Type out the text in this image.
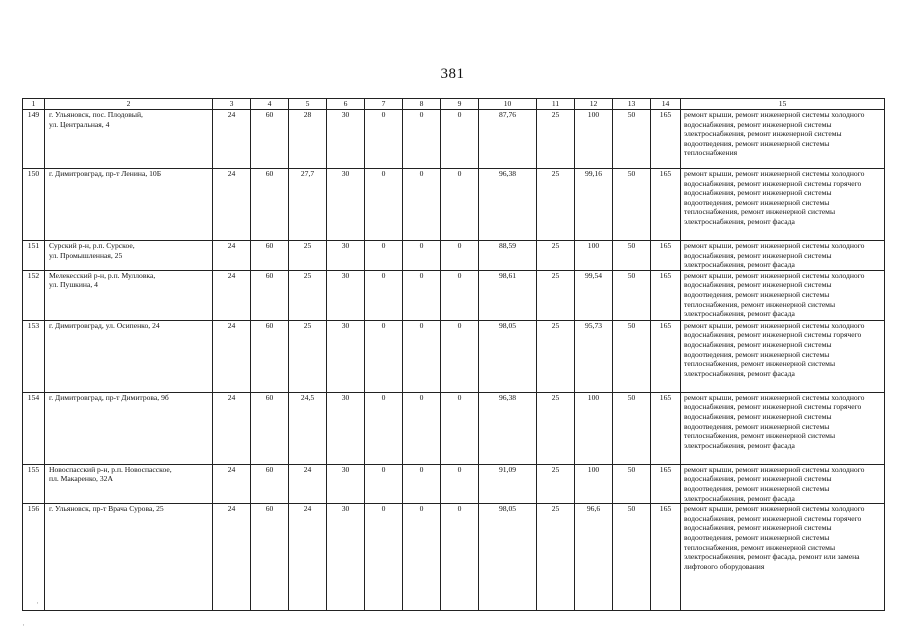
381
1	2	3	4	5	6	7	8	9	10	11	12	13	14	15
149	г. Ульяновск, пос. Плодовый,
ул. Центральная, 4	24	60	28	30	0	0	0	87,76	25	100	50	165	ремонт крыши, ремонт инженерной системы холодного водоснабжения, ремонт инженерной системы электроснабжения, ремонт инженерной системы водоотведения, ремонт инженерной системы теплоснабжения
150	г. Димитровград, пр-т Ленина, 10Б	24	60	27,7	30	0	0	0	96,38	25	99,16	50	165	ремонт крыши, ремонт инженерной системы холодного водоснабжения, ремонт инженерной системы горячего водоснабжения, ремонт инженерной системы водоотведения, ремонт инженерной системы теплоснабжения, ремонт инженерной системы электроснабжения, ремонт фасада
151	Сурский р-н, р.п. Сурское,
ул. Промышленная, 25	24	60	25	30	0	0	0	88,59	25	100	50	165	ремонт крыши, ремонт инженерной системы холодного водоснабжения, ремонт инженерной системы электроснабжения, ремонт фасада
152	Мелекесский р-н, р.п. Мулловка,
ул. Пушкина, 4	24	60	25	30	0	0	0	98,61	25	99,54	50	165	ремонт крыши, ремонт инженерной системы холодного водоснабжения, ремонт инженерной системы водоотведения, ремонт инженерной системы теплоснабжения, ремонт инженерной системы электроснабжения, ремонт фасада
153	г. Димитровград, ул. Осипенко, 24	24	60	25	30	0	0	0	98,05	25	95,73	50	165	ремонт крыши, ремонт инженерной системы холодного водоснабжения, ремонт инженерной системы горячего водоснабжения, ремонт инженерной системы водоотведения, ремонт инженерной системы теплоснабжения, ремонт инженерной системы электроснабжения, ремонт фасада
154	г. Димитровград, пр-т Димитрова, 9б	24	60	24,5	30	0	0	0	96,38	25	100	50	165	ремонт крыши, ремонт инженерной системы холодного водоснабжения, ремонт инженерной системы горячего водоснабжения, ремонт инженерной системы водоотведения, ремонт инженерной системы теплоснабжения, ремонт инженерной системы электроснабжения, ремонт фасада
155	Новоспасский р-н, р.п. Новоспасское,
пл. Макаренко, 32А	24	60	24	30	0	0	0	91,09	25	100	50	165	ремонт крыши, ремонт инженерной системы холодного водоснабжения, ремонт инженерной системы водоотведения, ремонт инженерной системы электроснабжения, ремонт фасада
156	г. Ульяновск, пр-т Врача Сурова, 25	24	60	24	30	0	0	0	98,05	25	96,6	50	165	ремонт крыши, ремонт инженерной системы холодного водоснабжения, ремонт инженерной системы горячего водоснабжения, ремонт инженерной системы водоотведения, ремонт инженерной системы теплоснабжения, ремонт инженерной системы электроснабжения, ремонт фасада, ремонт или замена лифтового оборудования
·
·
